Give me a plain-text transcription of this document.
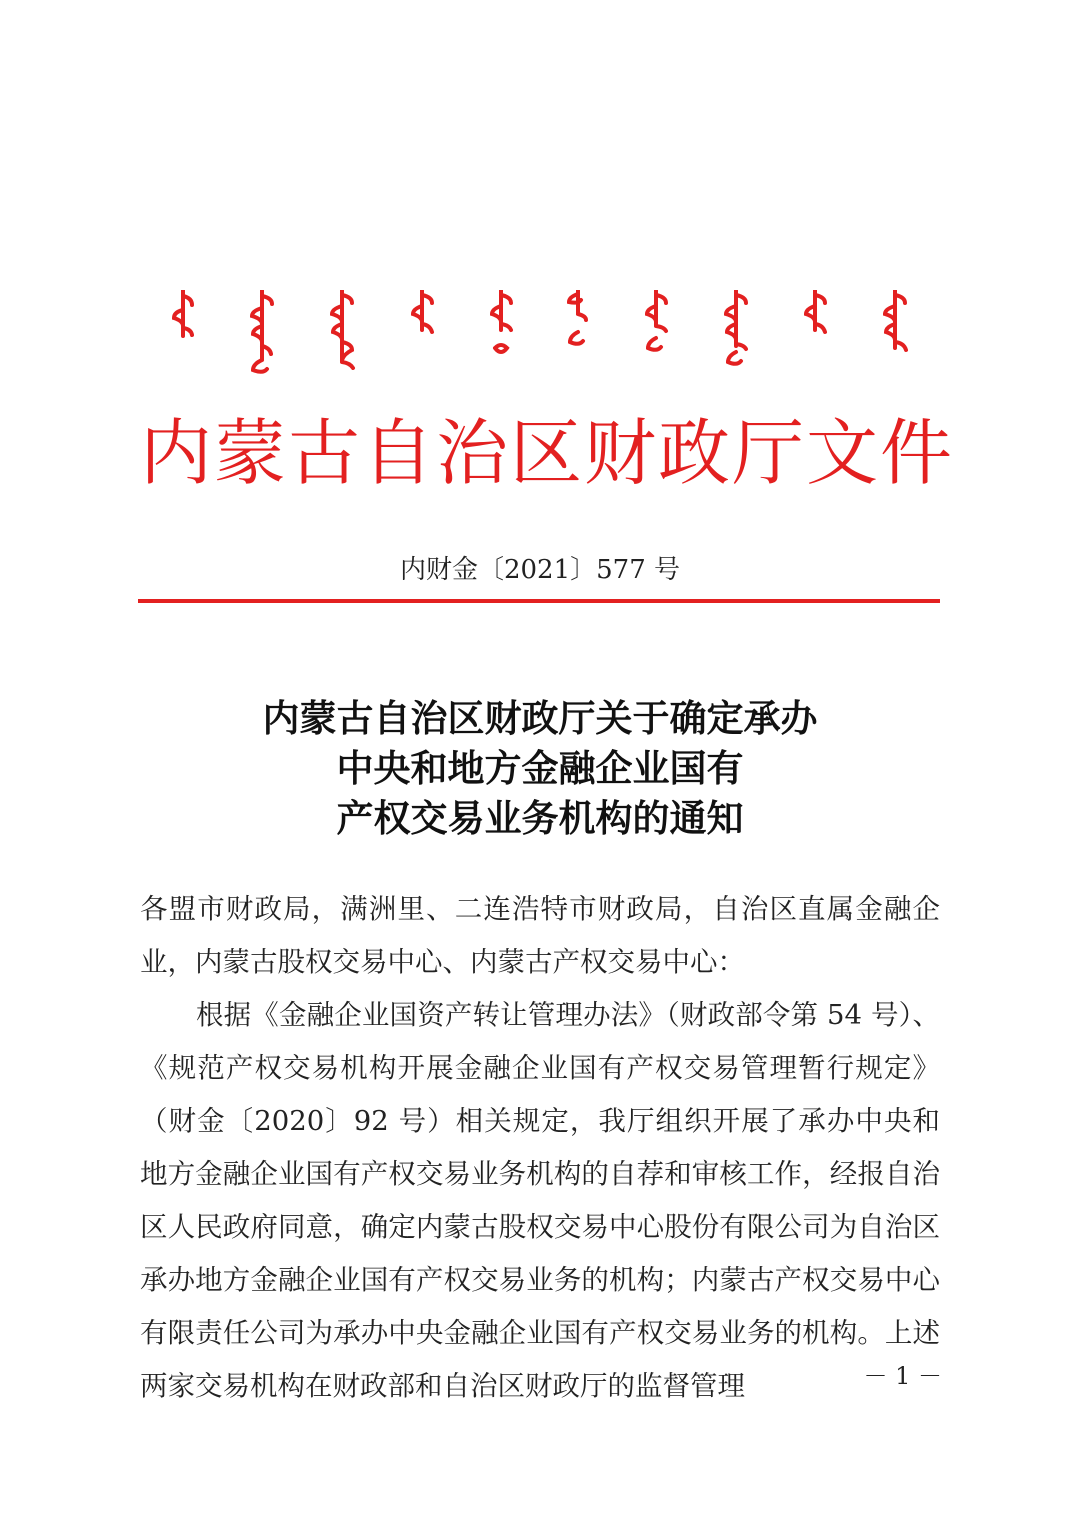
内蒙古自治区财政厅文件
内财金〔2021〕577 号
内蒙古自治区财政厅关于确定承办
中央和地方金融企业国有
产权交易业务机构的通知

各盟市财政局，满洲里、二连浩特市财政局，自治区直属金融企业，内蒙古股权交易中心、内蒙古产权交易中心：

根据《金融企业国资产转让管理办法》（财政部令第 54 号）、《规范产权交易机构开展金融企业国有产权交易管理暂行规定》（财金〔2020〕92 号）相关规定，我厅组织开展了承办中央和地方金融企业国有产权交易业务机构的自荐和审核工作，经报自治区人民政府同意，确定内蒙古股权交易中心股份有限公司为自治区承办地方金融企业国有产权交易业务的机构；内蒙古产权交易中心有限责任公司为承办中央金融企业国有产权交易业务的机构。上述两家交易机构在财政部和自治区财政厅的监督管理	－ 1 －
